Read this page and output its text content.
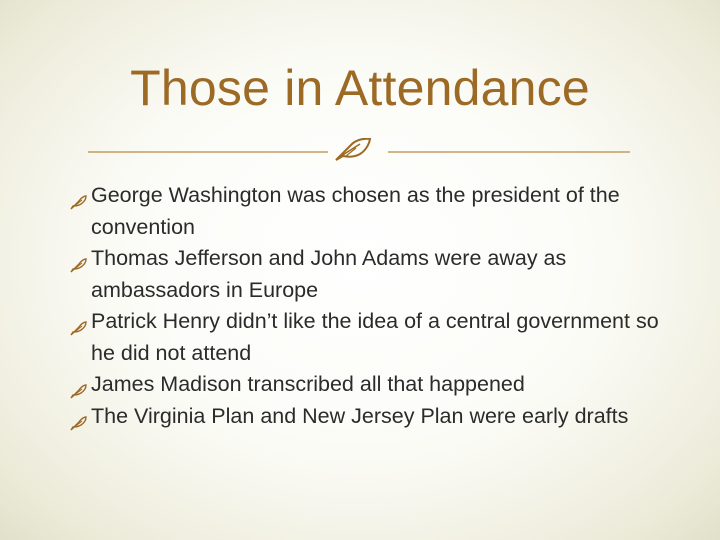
Those in Attendance
George Washington was chosen as the president of the convention
Thomas Jefferson and John Adams were away as ambassadors in Europe
Patrick Henry didn’t like the idea of a central government so he did not attend
James Madison transcribed all that happened
The Virginia Plan and New Jersey Plan were early drafts
